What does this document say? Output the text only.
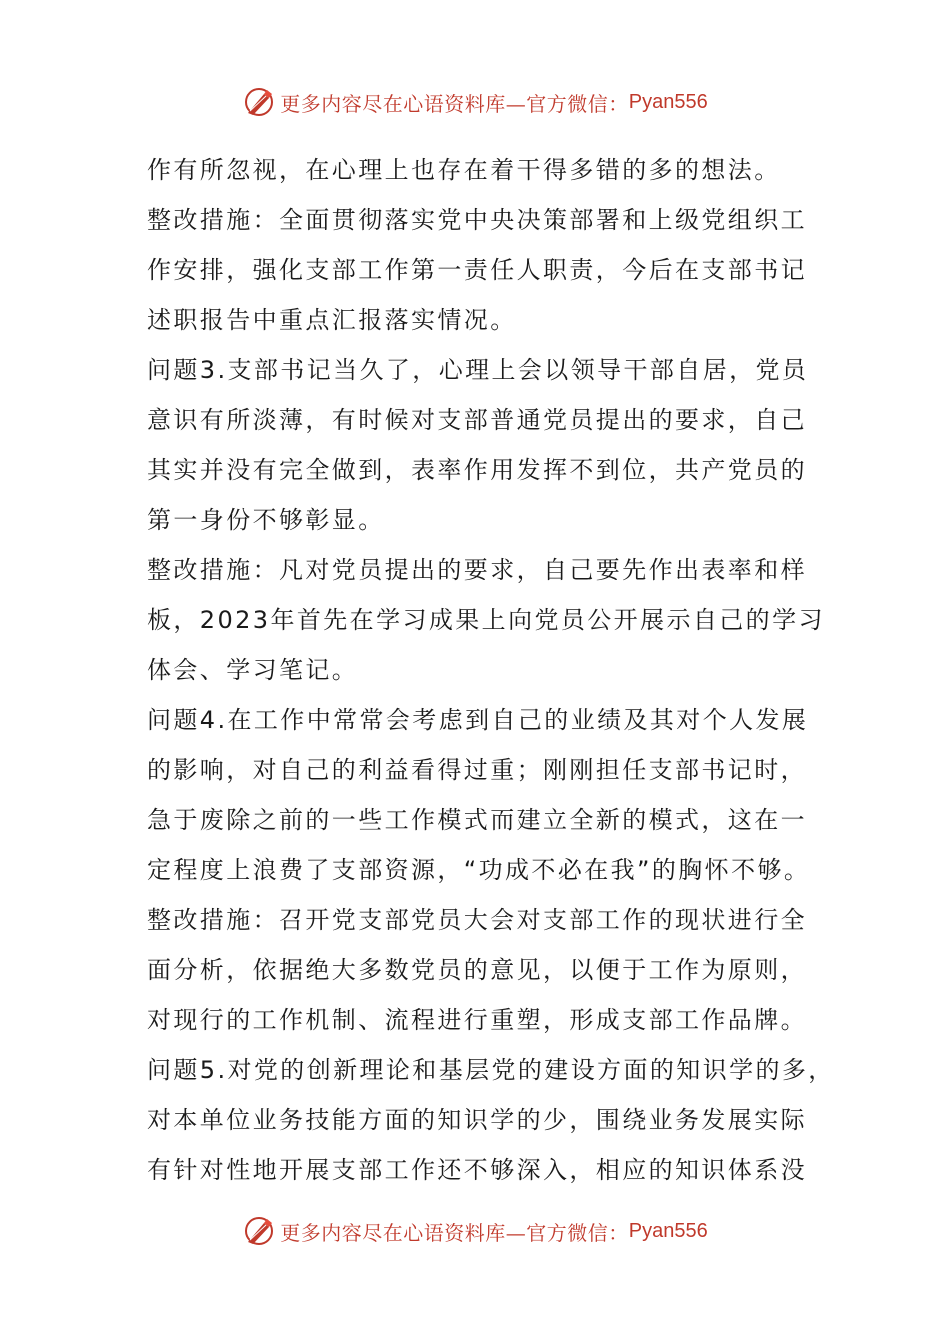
更多内容尽在心语资料库—官方微信： Pyan556
作有所忽视，在心理上也存在着干得多错的多的想法。
整改措施：全面贯彻落实党中央决策部署和上级党组织工
作安排，强化支部工作第一责任人职责，今后在支部书记
述职报告中重点汇报落实情况。
问题3.支部书记当久了，心理上会以领导干部自居，党员
意识有所淡薄，有时候对支部普通党员提出的要求，自己
其实并没有完全做到，表率作用发挥不到位，共产党员的
第一身份不够彰显。
整改措施：凡对党员提出的要求，自己要先作出表率和样
板，2023年首先在学习成果上向党员公开展示自己的学习
体会、学习笔记。
问题4.在工作中常常会考虑到自己的业绩及其对个人发展
的影响，对自己的利益看得过重；刚刚担任支部书记时，
急于废除之前的一些工作模式而建立全新的模式，这在一
定程度上浪费了支部资源，“功成不必在我”的胸怀不够。
整改措施：召开党支部党员大会对支部工作的现状进行全
面分析，依据绝大多数党员的意见，以便于工作为原则，
对现行的工作机制、流程进行重塑，形成支部工作品牌。
问题5.对党的创新理论和基层党的建设方面的知识学的多，
对本单位业务技能方面的知识学的少，围绕业务发展实际
有针对性地开展支部工作还不够深入，相应的知识体系没
更多内容尽在心语资料库—官方微信： Pyan556
